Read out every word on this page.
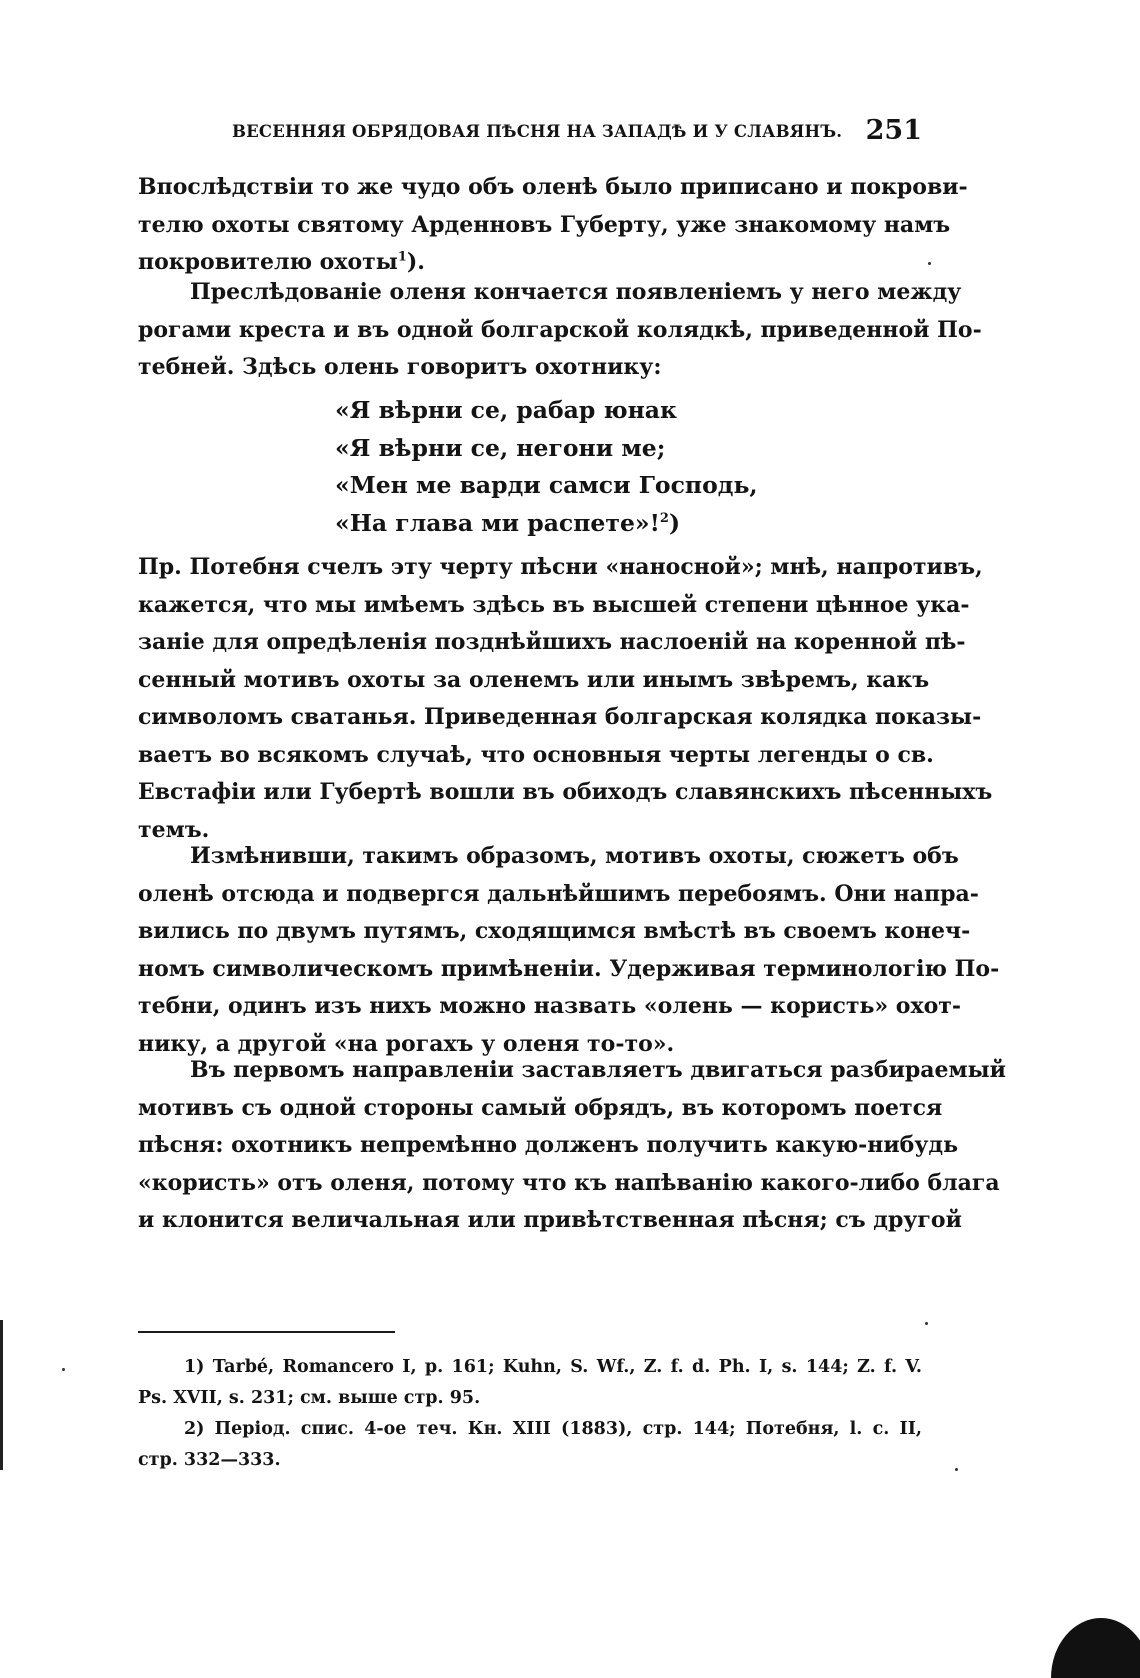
ВЕСЕННЯЯ ОБРЯДОВАЯ ПѢСНЯ НА ЗАПАДѢ И У СЛАВЯНЪ. 251
Впослѣдствіи то же чудо объ оленѣ было приписано и покрови-
телю охоты святому Арденновъ Губерту, уже знакомому намъ
покровителю охоты$^1$).
Преслѣдованіе оленя кончается появленіемъ у него между
рогами креста и въ одной болгарской колядкѣ, приведенной По-
тебней. Здѣсь олень говоритъ охотнику:
«Я вѣрни се, рабар юнак
«Я вѣрни се, негони ме;
«Мен ме варди самси Господь,
«На глава ми распете»!$^2$)
Пр. Потебня счелъ эту черту пѣсни «наносной»; мнѣ, напротивъ,
кажется, что мы имѣемъ здѣсь въ высшей степени цѣнное ука-
заніе для опредѣленія позднѣйшихъ наслоеній на коренной пѣ-
сенный мотивъ охоты за оленемъ или инымъ звѣремъ, какъ
символомъ сватанья. Приведенная болгарская колядка показы-
ваетъ во всякомъ случаѣ, что основныя черты легенды о св.
Евстафіи или Губертѣ вошли въ обиходъ славянскихъ пѣсенныхъ
темъ.
Измѣнивши, такимъ образомъ, мотивъ охоты, сюжетъ объ
оленѣ отсюда и подвергся дальнѣйшимъ перебоямъ. Они напра-
вились по двумъ путямъ, сходящимся вмѣстѣ въ своемъ конеч-
номъ символическомъ примѣненіи. Удерживая терминологію По-
тебни, одинъ изъ нихъ можно назвать «олень — користь» охот-
нику, а другой «на рогахъ у оленя то-то».
Въ первомъ направленіи заставляетъ двигаться разбираемый
мотивъ съ одной стороны самый обрядъ, въ которомъ поется
пѣсня: охотникъ непремѣнно долженъ получить какую-нибудь
«користь» отъ оленя, потому что къ напѣванію какого-либо блага
и клонится величальная или привѣтственная пѣсня; съ другой
1) Tarbé, Romancero I, p. 161; Kuhn, S. Wf., Z. f. d. Ph. I, s. 144; Z. f. V.
Ps. XVII, s. 231; см. выше стр. 95.
2) Період. спис. 4-ое теч. Кн. XIII (1883), стр. 144; Потебня, l. c. II,
стр. 332—333.
